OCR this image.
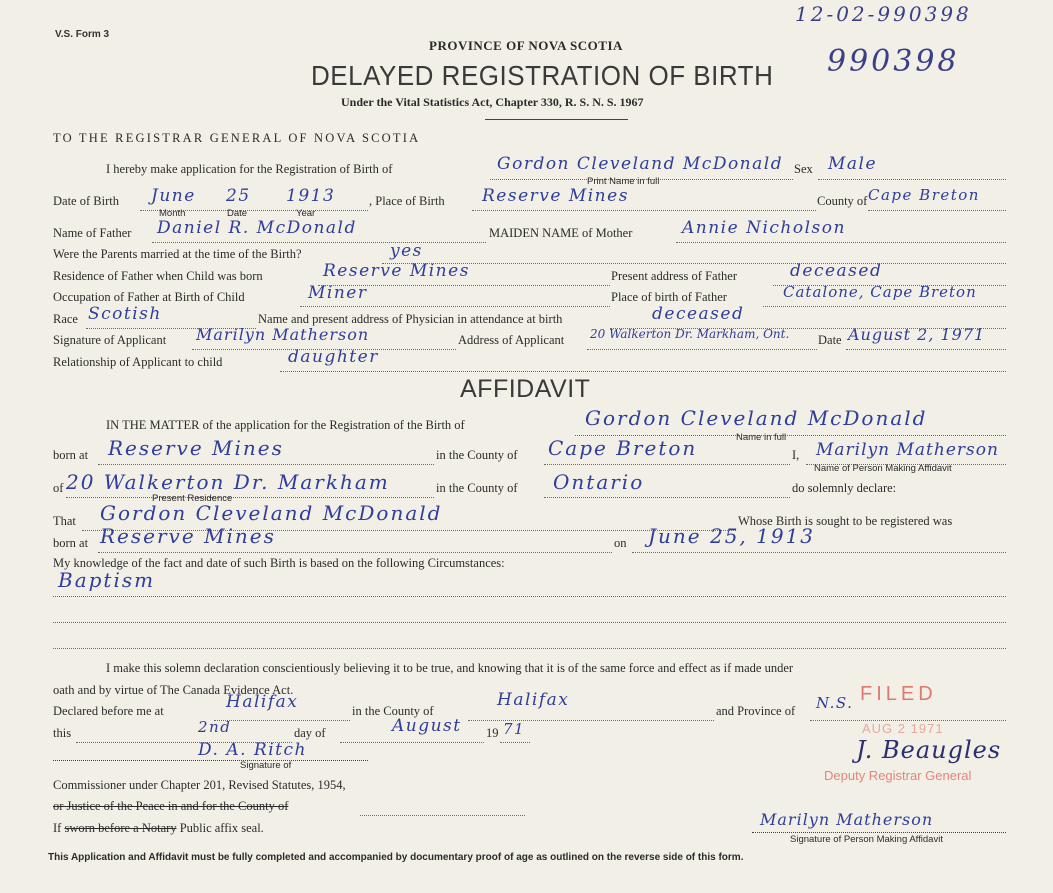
V.S. Form 3
PROVINCE OF NOVA SCOTIA
DELAYED REGISTRATION OF BIRTH
Under the Vital Statistics Act, Chapter 330, R. S. N. S. 1967
12-02-990398
990398
TO THE REGISTRAR GENERAL OF NOVA SCOTIA
I hereby make application for the Registration of Birth of	Gordon Cleveland McDonald
Print Name in full
Sex Male
Date of Birth June 25 1913
Month	Date	Year
, Place of Birth Reserve Mines	County of Cape Breton
Name of Father Daniel R. McDonald	MAIDEN NAME of Mother	Annie Nicholson
Were the Parents married at the time of the Birth?	yes
Residence of Father when Child was born	Reserve Mines	Present address of Father	deceased
Occupation of Father at Birth of Child	Miner	Place of birth of Father	Catalone, Cape Breton
Race Scotish	Name and present address of Physician in attendance at birth	deceased
Signature of Applicant Marilyn Matherson	Address of Applicant 20 Walkerton Dr. Markham, Ont. Date August 2, 1971
Relationship of Applicant to child	daughter
AFFIDAVIT
IN THE MATTER of the application for the Registration of the Birth of	Gordon Cleveland McDonald
Name in full
born at Reserve Mines	in the County of Cape Breton	I, Marilyn Matherson
Name of Person Making Affidavit
of 20 Walkerton Dr. Markham
Present Residence
in the County of Ontario	do solemnly declare:
That Gordon Cleveland McDonald	Whose Birth is sought to be registered was
born at Reserve Mines	on June 25, 1913
My knowledge of the fact and date of such Birth is based on the following Circumstances:
Baptism
I make this solemn declaration conscientiously believing it to be true, and knowing that it is of the same force and effect as if made under
oath and by virtue of The Canada Evidence Act.
Declared before me at	Halifax	in the County of
Halifax
and Province of N.S.
this	2nd	day of	August 19 71
D. A. Ritch
Signature of
Commissioner under Chapter 201, Revised Statutes, 1954,
or Justice of the Peace in and for the County of
If sworn before a Notary Public affix seal.
FILED
AUG 2 1971
J. Beaugles
Deputy Registrar General
Marilyn Matherson
Signature of Person Making Affidavit
This Application and Affidavit must be fully completed and accompanied by documentary proof of age as outlined on the reverse side of this form.
